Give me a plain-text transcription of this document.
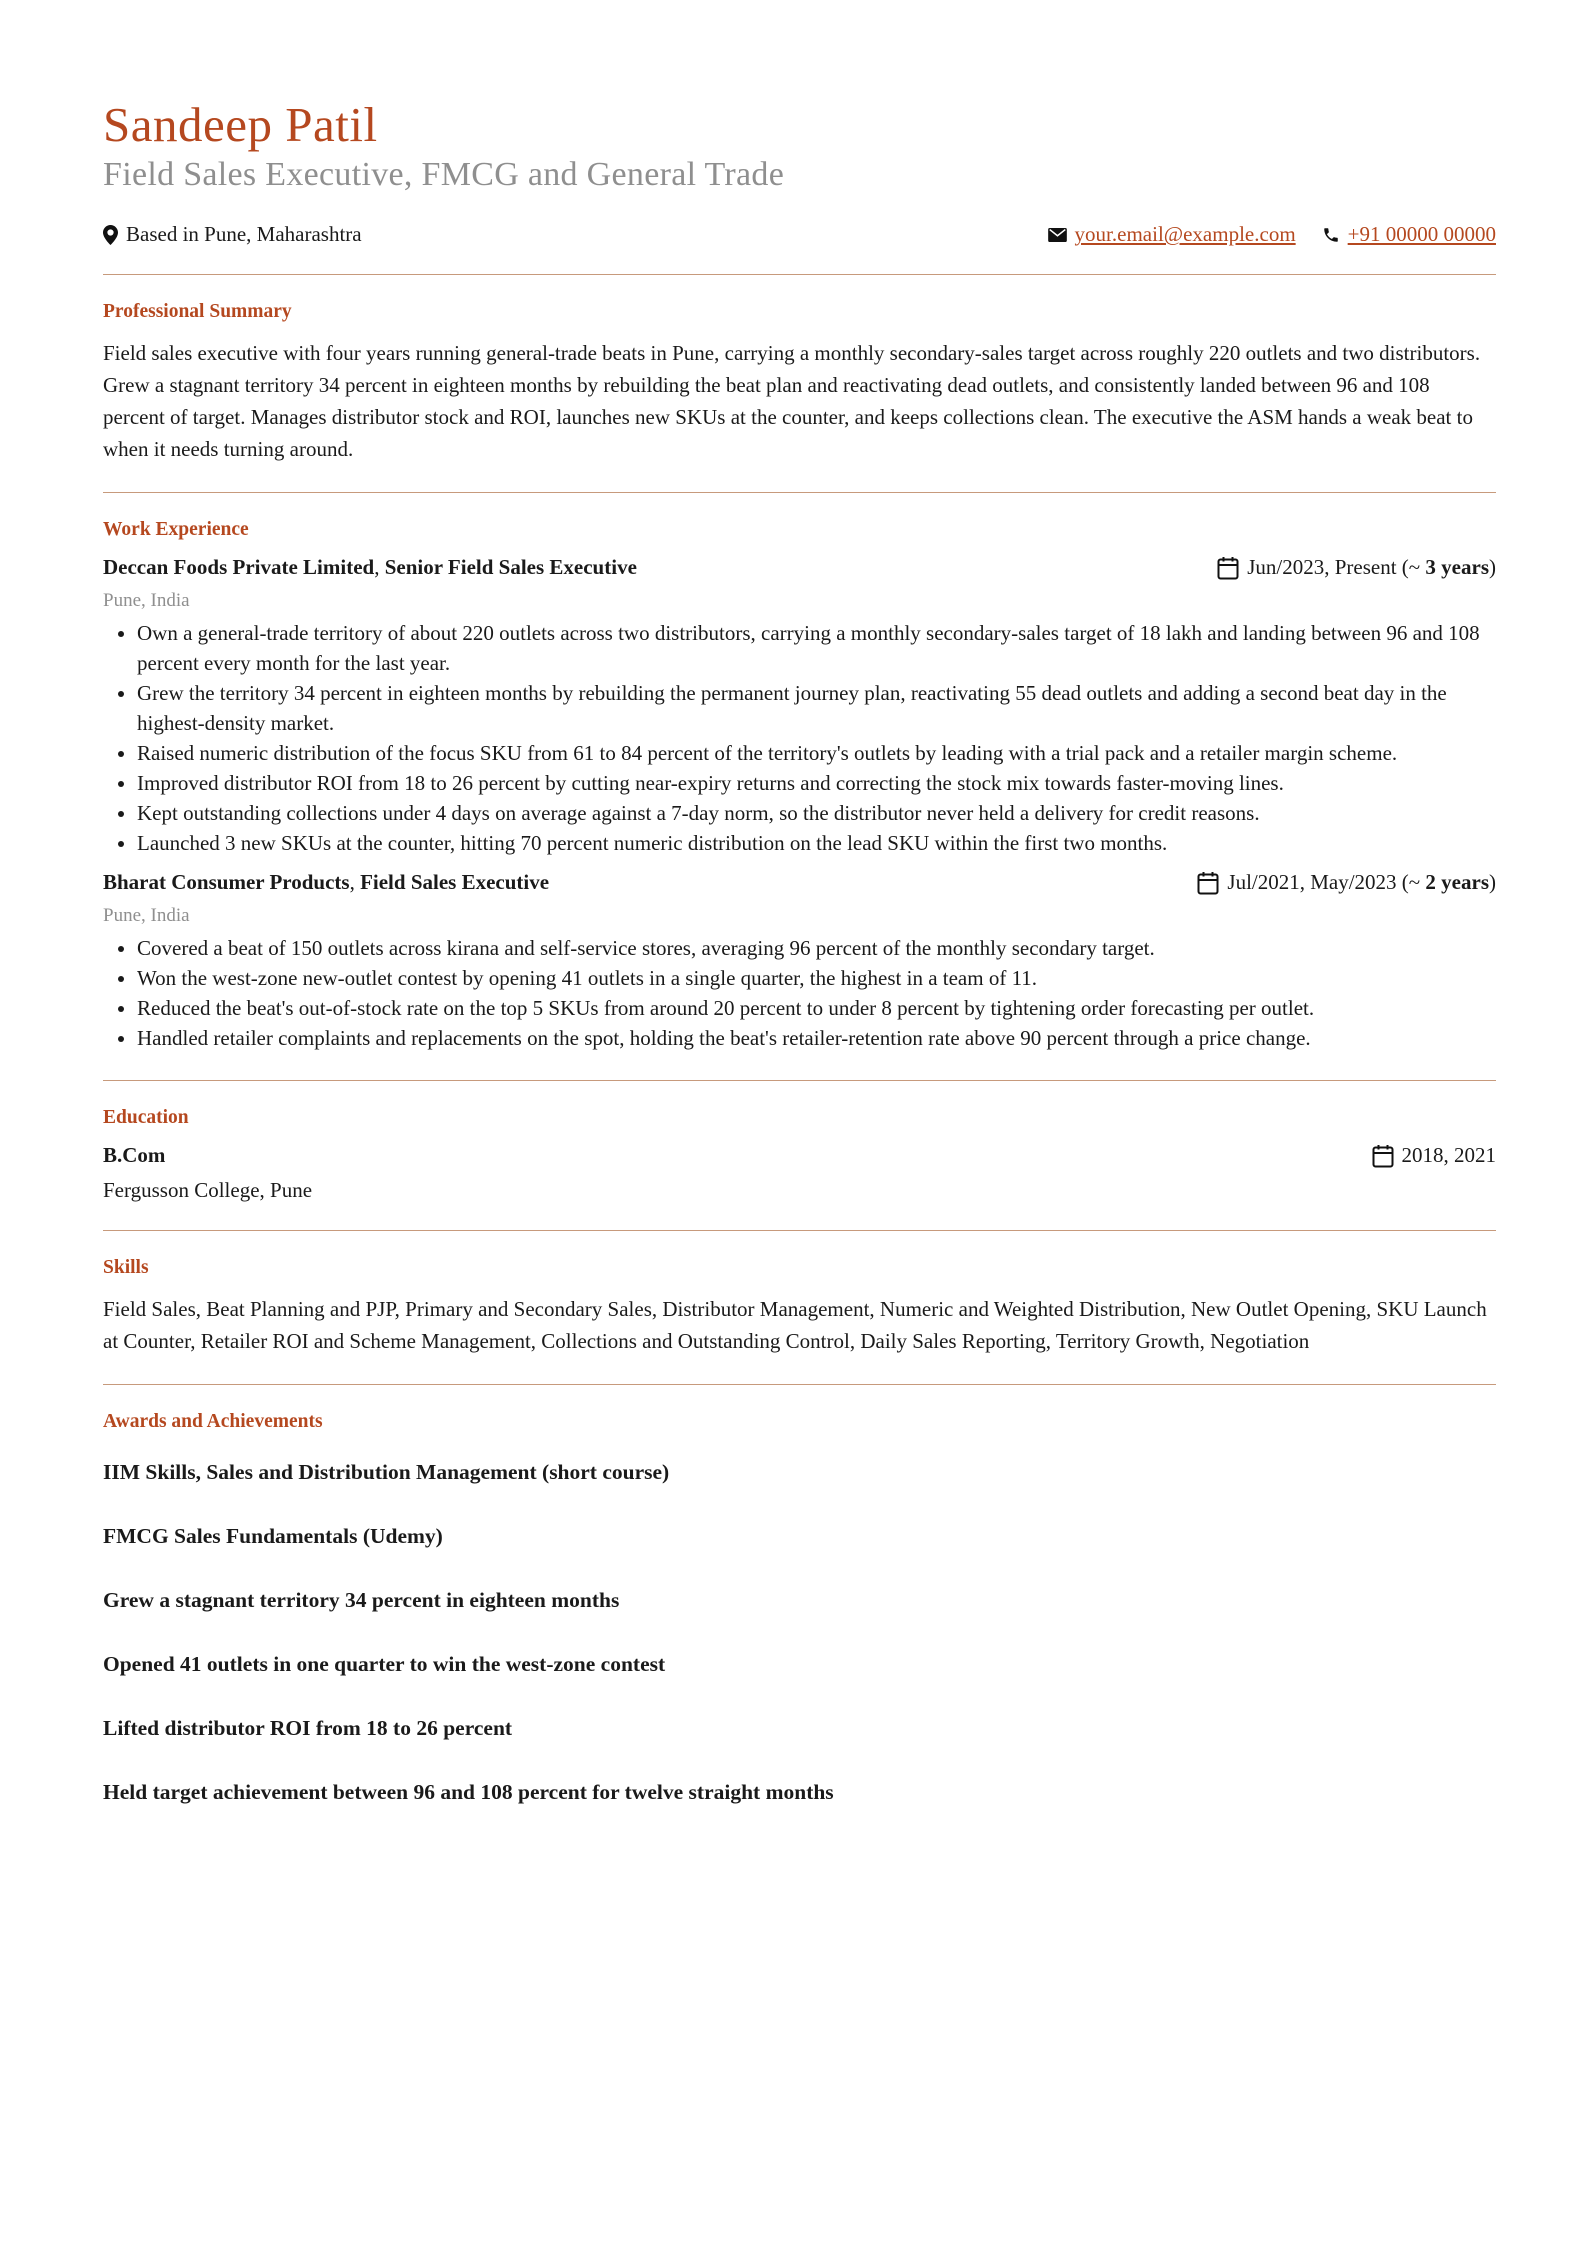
Sandeep Patil
Field Sales Executive, FMCG and General Trade
Based in Pune, Maharashtra	your.email@example.com +91 00000 00000
Professional Summary

Field sales executive with four years running general-trade beats in Pune, carrying a monthly secondary-sales target across roughly 220 outlets and two distributors. Grew a stagnant territory 34 percent in eighteen months by rebuilding the beat plan and reactivating dead outlets, and consistently landed between 96 and 108 percent of target. Manages distributor stock and ROI, launches new SKUs at the counter, and keeps collections clean. The executive the ASM hands a weak beat to when it needs turning around.

Work Experience
Deccan Foods Private Limited, Senior Field Sales Executive	Jun/2023, Present (~ 3 years)
Pune, India
• Own a general-trade territory of about 220 outlets across two distributors, carrying a monthly secondary-sales target of 18 lakh and landing between 96 and 108 percent every month for the last year.
• Grew the territory 34 percent in eighteen months by rebuilding the permanent journey plan, reactivating 55 dead outlets and adding a second beat day in the highest-density market.
• Raised numeric distribution of the focus SKU from 61 to 84 percent of the territory's outlets by leading with a trial pack and a retailer margin scheme.
• Improved distributor ROI from 18 to 26 percent by cutting near-expiry returns and correcting the stock mix towards faster-moving lines.
• Kept outstanding collections under 4 days on average against a 7-day norm, so the distributor never held a delivery for credit reasons.
• Launched 3 new SKUs at the counter, hitting 70 percent numeric distribution on the lead SKU within the first two months.
Bharat Consumer Products, Field Sales Executive	Jul/2021, May/2023 (~ 2 years)
Pune, India
• Covered a beat of 150 outlets across kirana and self-service stores, averaging 96 percent of the monthly secondary target.
• Won the west-zone new-outlet contest by opening 41 outlets in a single quarter, the highest in a team of 11.
• Reduced the beat's out-of-stock rate on the top 5 SKUs from around 20 percent to under 8 percent by tightening order forecasting per outlet.
• Handled retailer complaints and replacements on the spot, holding the beat's retailer-retention rate above 90 percent through a price change.
Education
B.Com	2018, 2021
Fergusson College, Pune
Skills

Field Sales, Beat Planning and PJP, Primary and Secondary Sales, Distributor Management, Numeric and Weighted Distribution, New Outlet Opening, SKU Launch at Counter, Retailer ROI and Scheme Management, Collections and Outstanding Control, Daily Sales Reporting, Territory Growth, Negotiation

Awards and Achievements

IIM Skills, Sales and Distribution Management (short course)

FMCG Sales Fundamentals (Udemy)

Grew a stagnant territory 34 percent in eighteen months

Opened 41 outlets in one quarter to win the west-zone contest

Lifted distributor ROI from 18 to 26 percent

Held target achievement between 96 and 108 percent for twelve straight months
